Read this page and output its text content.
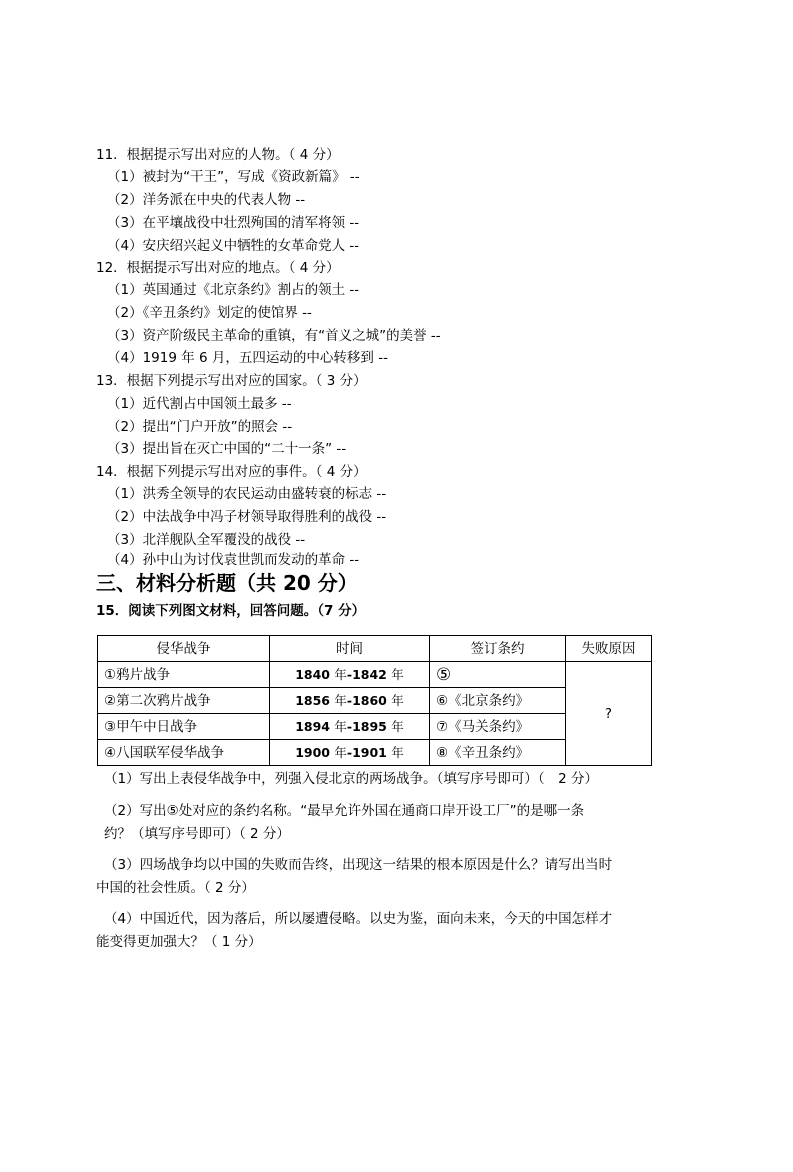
11．根据提示写出对应的人物。（ 4 分）
（1）被封为“干王”，写成《资政新篇》 --
（2）洋务派在中央的代表人物 --
（3）在平壤战役中壮烈殉国的清军将领 --
（4）安庆绍兴起义中牺牲的女革命党人 --
12．根据提示写出对应的地点。（ 4 分）
（1）英国通过《北京条约》割占的领土 --
（2）《辛丑条约》划定的使馆界 --
（3）资产阶级民主革命的重镇，有“首义之城”的美誉 --
（4）1919 年 6 月，五四运动的中心转移到 --
13．根据下列提示写出对应的国家。（ 3 分）
（1）近代割占中国领土最多 --
（2）提出“门户开放”的照会 --
（3）提出旨在灭亡中国的“二十一条” --
14．根据下列提示写出对应的事件。（ 4 分）
（1）洪秀全领导的农民运动由盛转衰的标志 --
（2）中法战争中冯子材领导取得胜利的战役 --
（3）北洋舰队全军覆没的战役 --
（4）孙中山为讨伐袁世凯而发动的革命 --
三、材料分析题（共 20 分）
15．阅读下列图文材料，回答问题。（7 分）
侵华战争	时间	签订条约	失败原因
①鸦片战争	1840 年-1842 年	⑤	?
②第二次鸦片战争	1856 年-1860 年	⑥《北京条约》	
③甲午中日战争	1894 年-1895 年	⑦《马关条约》	
④八国联军侵华战争	1900 年-1901 年	⑧《辛丑条约》	
（1）写出上表侵华战争中，列强入侵北京的两场战争。（填写序号即可）（　2 分）
（2）写出⑤处对应的条约名称。“最早允许外国在通商口岸开设工厂”的是哪一条
约？（填写序号即可）（ 2 分）
（3）四场战争均以中国的失败而告终，出现这一结果的根本原因是什么？请写出当时
中国的社会性质。（ 2 分）
（4）中国近代，因为落后，所以屡遭侵略。以史为鉴，面向未来，今天的中国怎样才
能变得更加强大？（ 1 分）
